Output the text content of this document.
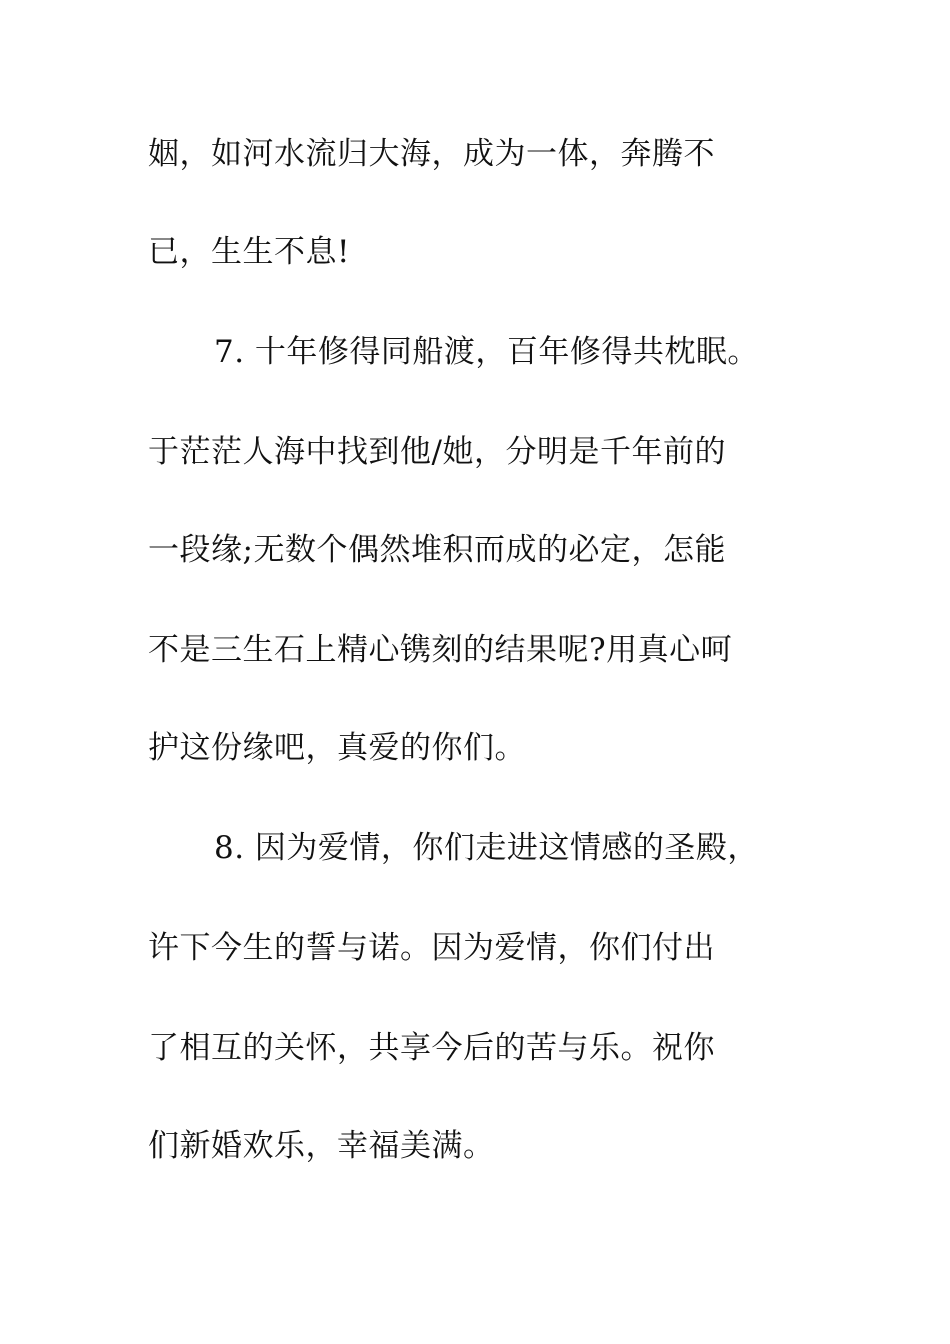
姻，如河水流归大海，成为一体，奔腾不

已，生生不息!

7. 十年修得同船渡，百年修得共枕眠。

于茫茫人海中找到他/她，分明是千年前的

一段缘;无数个偶然堆积而成的必定，怎能

不是三生石上精心镌刻的结果呢?用真心呵

护这份缘吧，真爱的你们。

8. 因为爱情，你们走进这情感的圣殿，

许下今生的誓与诺。因为爱情，你们付出

了相互的关怀，共享今后的苦与乐。祝你

们新婚欢乐，幸福美满。
